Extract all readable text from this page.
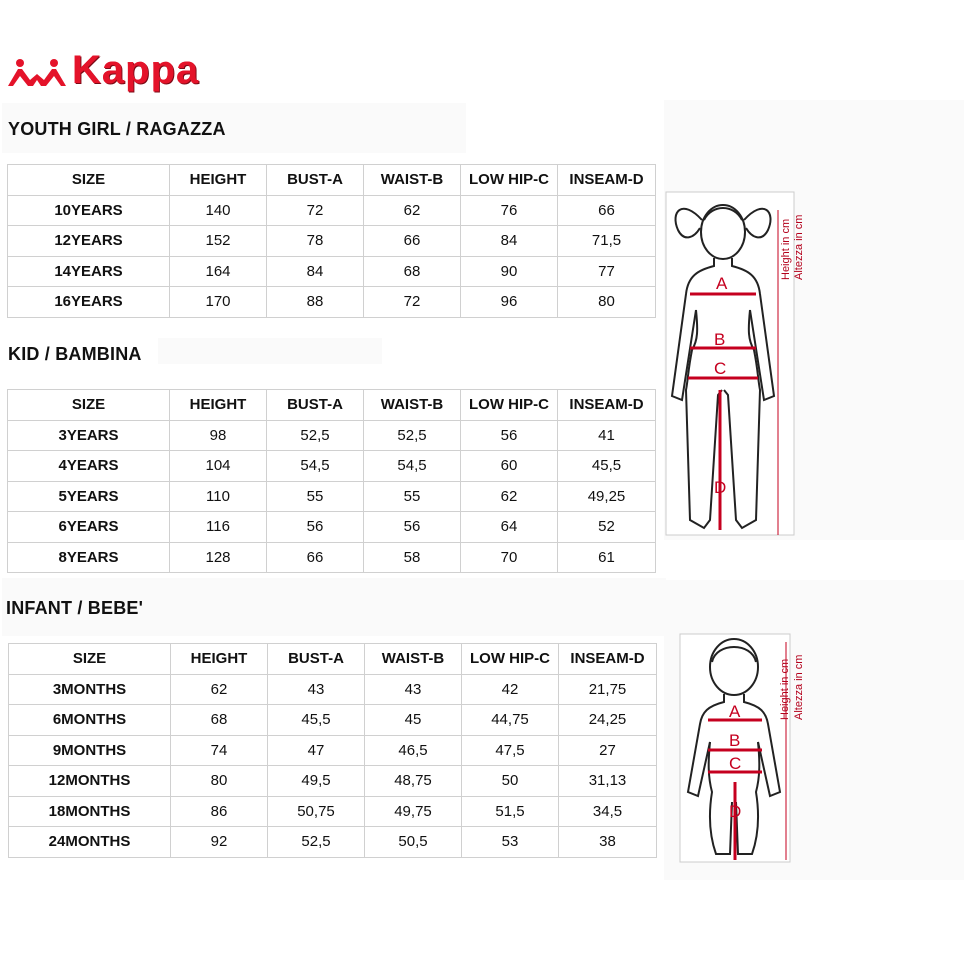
Kappa
YOUTH GIRL / RAGAZZA
SIZE	HEIGHT	BUST-A	WAIST-B	LOW HIP-C	INSEAM-D
10YEARS	140	72	62	76	66
12YEARS	152	78	66	84	71,5
14YEARS	164	84	68	90	77
16YEARS	170	88	72	96	80
KID / BAMBINA
SIZE	HEIGHT	BUST-A	WAIST-B	LOW HIP-C	INSEAM-D
3YEARS	98	52,5	52,5	56	41
4YEARS	104	54,5	54,5	60	45,5
5YEARS	110	55	55	62	49,25
6YEARS	116	56	56	64	52
8YEARS	128	66	58	70	61
INFANT / BEBE'
SIZE	HEIGHT	BUST-A	WAIST-B	LOW HIP-C	INSEAM-D
3MONTHS	62	43	43	42	21,75
6MONTHS	68	45,5	45	44,75	24,25
9MONTHS	74	47	46,5	47,5	27
12MONTHS	80	49,5	48,75	50	31,13
18MONTHS	86	50,75	49,75	51,5	34,5
24MONTHS	92	52,5	50,5	53	38
A
B
C
D
Height in cm Altezza in cm
A
B
C
D
Height in cm Altezza in cm
